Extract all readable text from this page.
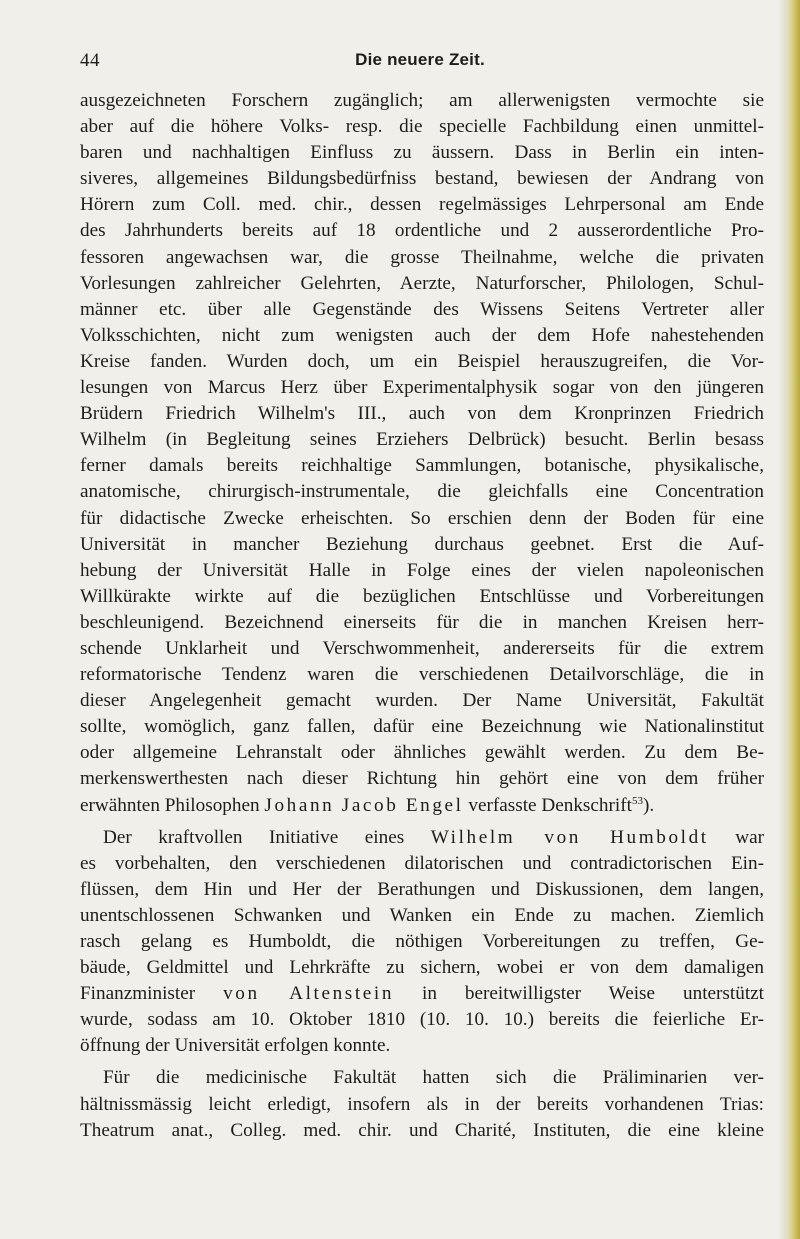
44	Die neuere Zeit.
ausgezeichneten Forschern zugänglich; am allerwenigsten vermochte sie
aber auf die höhere Volks- resp. die specielle Fachbildung einen unmittel-
baren und nachhaltigen Einfluss zu äussern. Dass in Berlin ein inten-
siveres, allgemeines Bildungsbedürfniss bestand, bewiesen der Andrang von
Hörern zum Coll. med. chir., dessen regelmässiges Lehrpersonal am Ende
des Jahrhunderts bereits auf 18 ordentliche und 2 ausserordentliche Pro-
fessoren angewachsen war, die grosse Theilnahme, welche die privaten
Vorlesungen zahlreicher Gelehrten, Aerzte, Naturforscher, Philologen, Schul-
männer etc. über alle Gegenstände des Wissens Seitens Vertreter aller
Volksschichten, nicht zum wenigsten auch der dem Hofe nahestehenden
Kreise fanden. Wurden doch, um ein Beispiel herauszugreifen, die Vor-
lesungen von Marcus Herz über Experimentalphysik sogar von den jüngeren
Brüdern Friedrich Wilhelm's III., auch von dem Kronprinzen Friedrich
Wilhelm (in Begleitung seines Erziehers Delbrück) besucht. Berlin besass
ferner damals bereits reichhaltige Sammlungen, botanische, physikalische,
anatomische, chirurgisch-instrumentale, die gleichfalls eine Concentration
für didactische Zwecke erheischten. So erschien denn der Boden für eine
Universität in mancher Beziehung durchaus geebnet. Erst die Auf-
hebung der Universität Halle in Folge eines der vielen napoleonischen
Willkürakte wirkte auf die bezüglichen Entschlüsse und Vorbereitungen
beschleunigend. Bezeichnend einerseits für die in manchen Kreisen herr-
schende Unklarheit und Verschwommenheit, andererseits für die extrem
reformatorische Tendenz waren die verschiedenen Detailvorschläge, die in
dieser Angelegenheit gemacht wurden. Der Name Universität, Fakultät
sollte, womöglich, ganz fallen, dafür eine Bezeichnung wie Nationalinstitut
oder allgemeine Lehranstalt oder ähnliches gewählt werden. Zu dem Be-
merkenswerthesten nach dieser Richtung hin gehört eine von dem früher
erwähnten Philosophen Johann Jacob Engel verfasste Denkschrift$^{53}$).
Der kraftvollen Initiative eines Wilhelm von Humboldt war
es vorbehalten, den verschiedenen dilatorischen und contradictorischen Ein-
flüssen, dem Hin und Her der Berathungen und Diskussionen, dem langen,
unentschlossenen Schwanken und Wanken ein Ende zu machen. Ziemlich
rasch gelang es Humboldt, die nöthigen Vorbereitungen zu treffen, Ge-
bäude, Geldmittel und Lehrkräfte zu sichern, wobei er von dem damaligen
Finanzminister von Altenstein in bereitwilligster Weise unterstützt
wurde, sodass am 10. Oktober 1810 (10. 10. 10.) bereits die feierliche Er-
öffnung der Universität erfolgen konnte.
Für die medicinische Fakultät hatten sich die Präliminarien ver-
hältnissmässig leicht erledigt, insofern als in der bereits vorhandenen Trias:
Theatrum anat., Colleg. med. chir. und Charité, Instituten, die eine kleine
